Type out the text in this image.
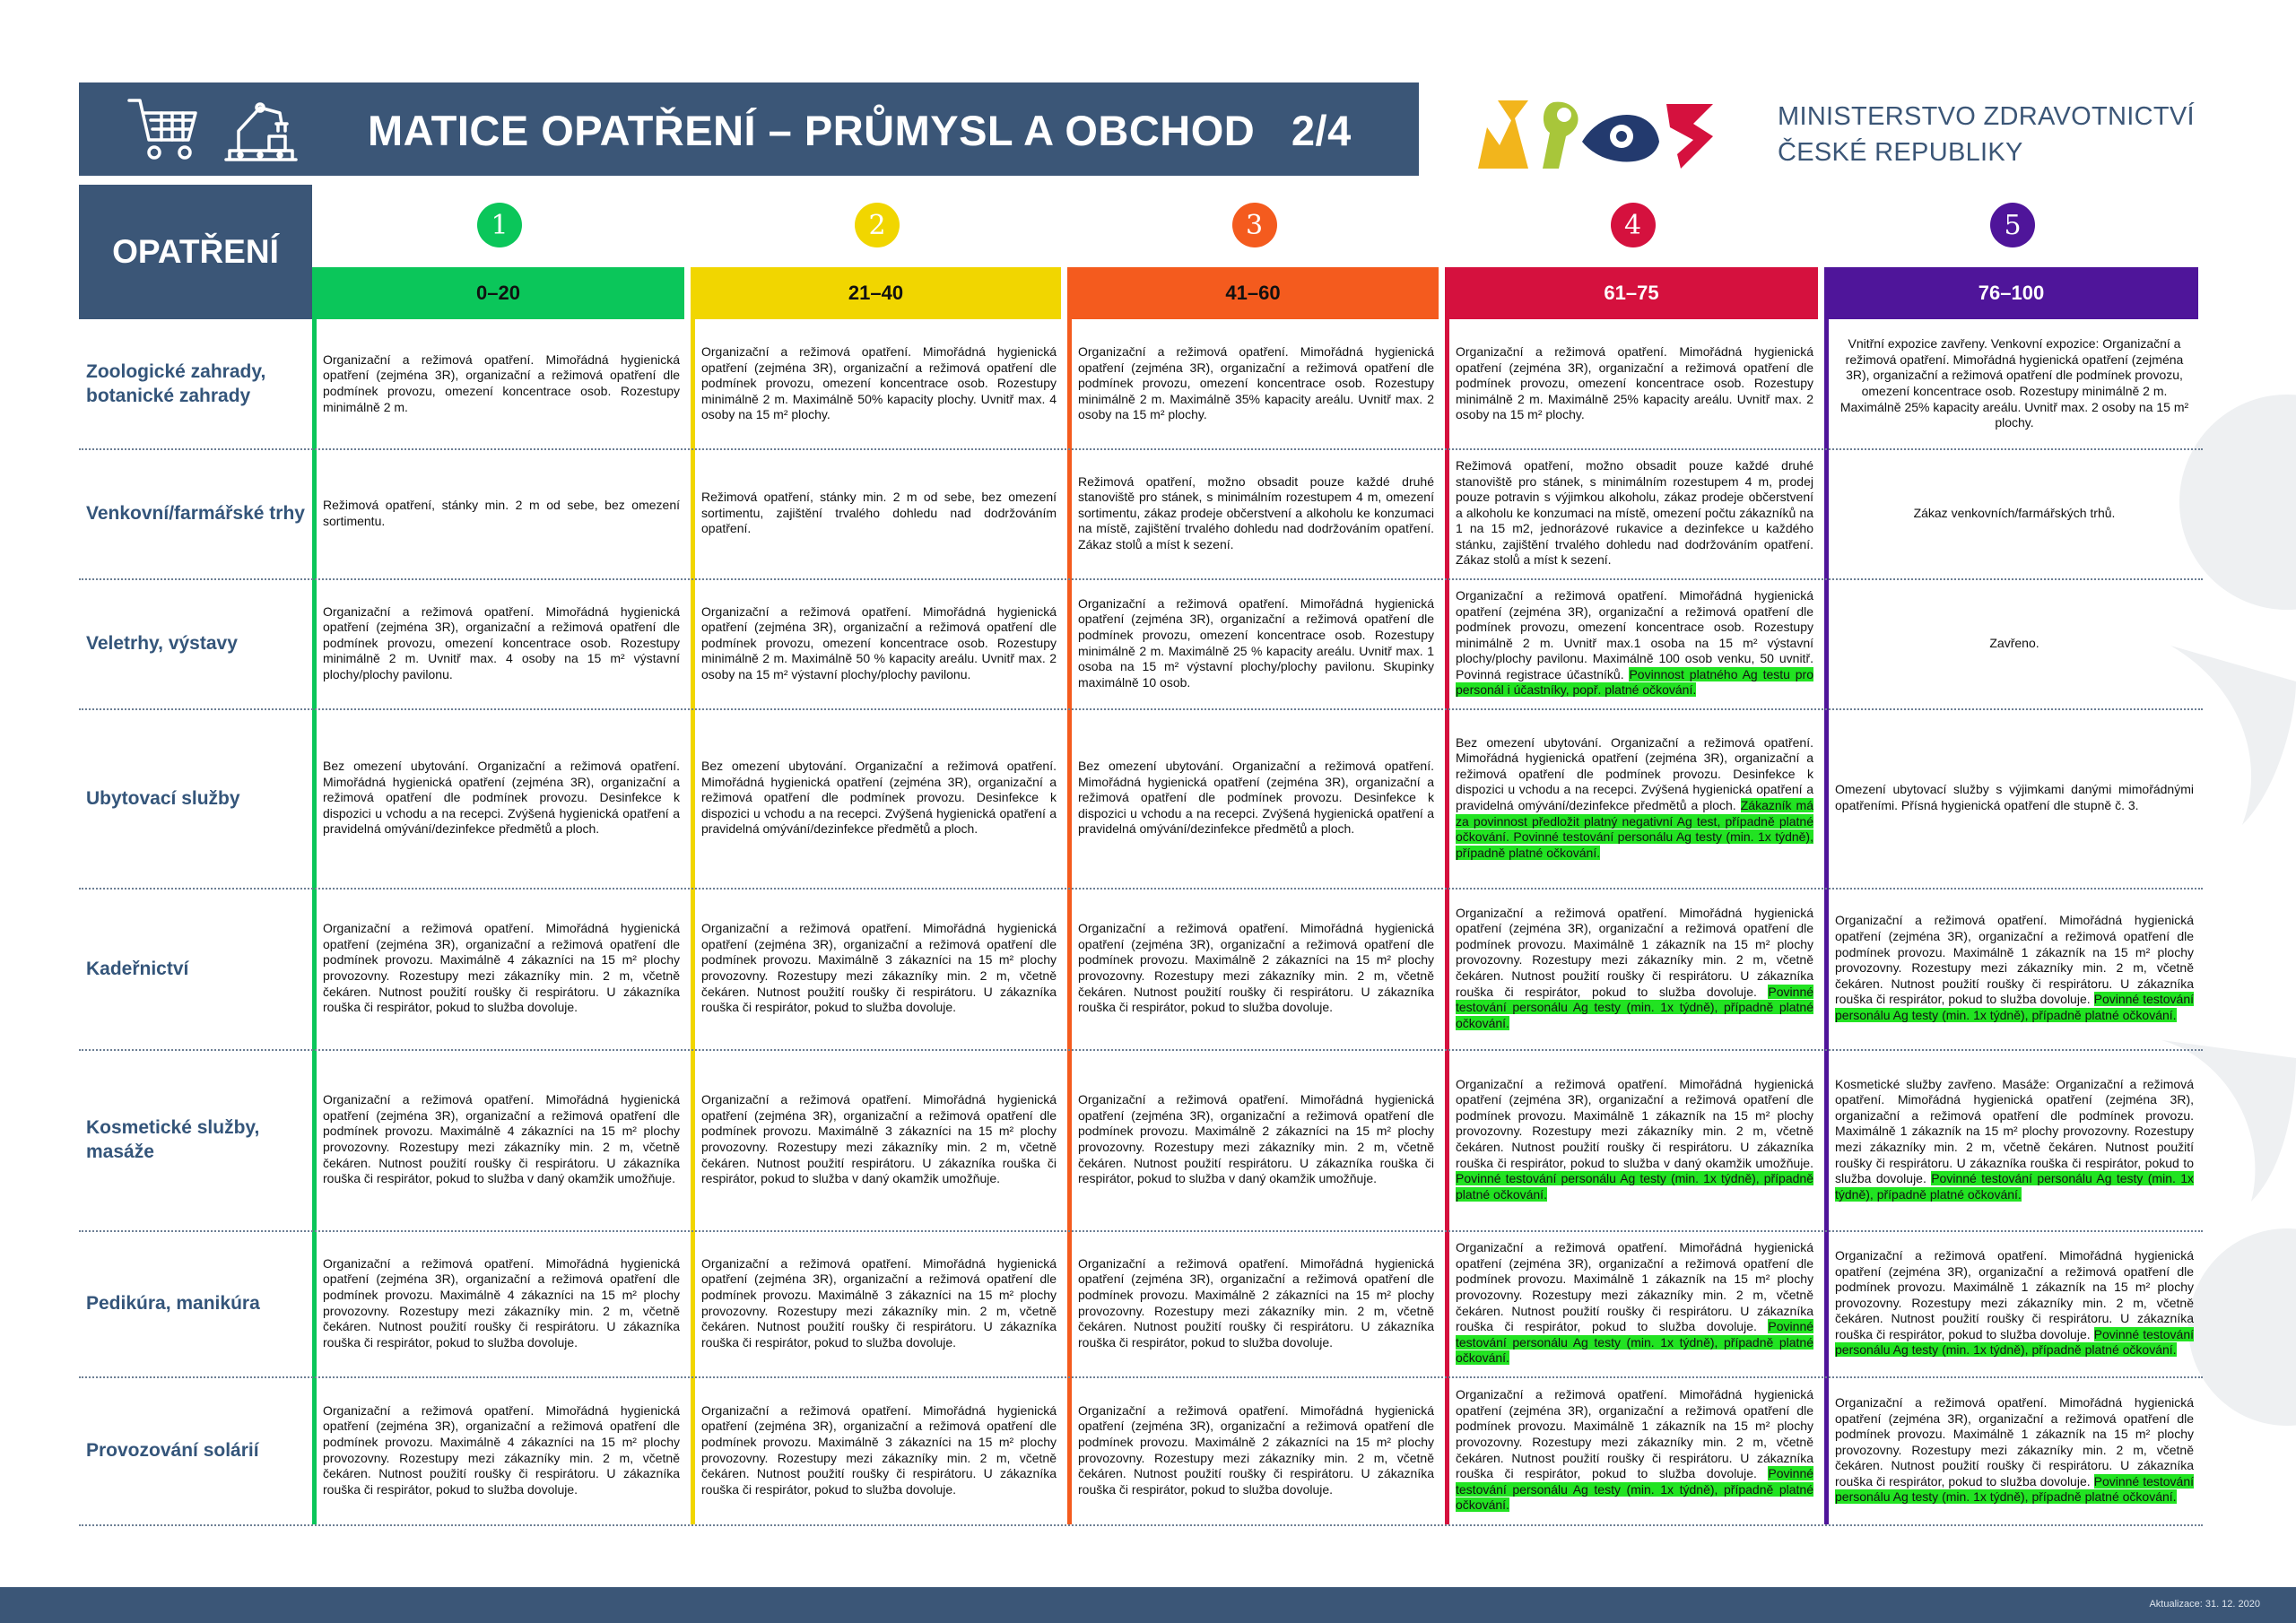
MATICE OPATŘENÍ – PRŮMYSL A OBCHOD   2/4	MINISTERSTVO ZDRAVOTNICTVÍ
ČESKÉ REPUBLIKY
OPATŘENÍ
1
0–20
2
21–40
3
41–60
4
61–75
5
76–100
Zoologické zahrady, botanické zahrady
Organizační a režimová opatření. Mimořádná hygienická opatření (zejména 3R), organizační a režimová opatření dle podmínek provozu, omezení koncentrace osob. Rozestupy minimálně 2 m.
Organizační a režimová opatření. Mimořádná hygienická opatření (zejména 3R), organizační a režimová opatření dle podmínek provozu, omezení koncentrace osob. Rozestupy minimálně 2 m. Maximálně 50% kapacity plochy. Uvnitř max. 4 osoby na 15 m² plochy.
Organizační a režimová opatření. Mimořádná hygienická opatření (zejména 3R), organizační a režimová opatření dle podmínek provozu, omezení koncentrace osob. Rozestupy minimálně 2 m. Maximálně 35% kapacity areálu. Uvnitř max. 2 osoby na 15 m² plochy.
Organizační a režimová opatření. Mimořádná hygienická opatření (zejména 3R), organizační a režimová opatření dle podmínek provozu, omezení koncentrace osob. Rozestupy minimálně 2 m. Maximálně 25% kapacity areálu. Uvnitř max. 2 osoby na 15 m² plochy.
Vnitřní expozice zavřeny. Venkovní expozice: Organizační a režimová opatření. Mimořádná hygienická opatření (zejména 3R), organizační a režimová opatření dle podmínek provozu, omezení koncentrace osob. Rozestupy minimálně 2 m. Maximálně 25% kapacity areálu. Uvnitř max. 2 osoby na 15 m² plochy.
Venkovní/farmářské trhy	Režimová opatření, stánky min. 2 m od sebe, bez omezení sortimentu.
Režimová opatření, stánky min. 2 m od sebe, bez omezení sortimentu, zajištění trvalého dohledu nad dodržováním opatření.
Režimová opatření, možno obsadit pouze každé druhé stanoviště pro stánek, s minimálním rozestupem 4 m, omezení sortimentu, zákaz prodeje občerstvení a alkoholu ke konzumaci na místě, zajištění trvalého dohledu nad dodržováním opatření. Zákaz stolů a míst k sezení.
Režimová opatření, možno obsadit pouze každé druhé stanoviště pro stánek, s minimálním rozestupem 4 m, prodej pouze potravin s výjimkou alkoholu, zákaz prodeje občerstvení a alkoholu ke konzumaci na místě, omezení počtu zákazníků na 1 na 15 m2, jednorázové rukavice a dezinfekce u každého stánku, zajištění trvalého dohledu nad dodržováním opatření. Zákaz stolů a míst k sezení.
Zákaz venkovních/farmářských trhů.
Veletrhy, výstavy
Organizační a režimová opatření. Mimořádná hygienická opatření (zejména 3R), organizační a režimová opatření dle podmínek provozu, omezení koncentrace osob. Rozestupy minimálně 2 m. Uvnitř max. 4 osoby na 15 m² výstavní plochy/plochy pavilonu.
Organizační a režimová opatření. Mimořádná hygienická opatření (zejména 3R), organizační a režimová opatření dle podmínek provozu, omezení koncentrace osob. Rozestupy minimálně 2 m. Maximálně 50 % kapacity areálu. Uvnitř max. 2 osoby na 15 m² výstavní plochy/plochy pavilonu.
Organizační a režimová opatření. Mimořádná hygienická opatření (zejména 3R), organizační a režimová opatření dle podmínek provozu, omezení koncentrace osob. Rozestupy minimálně 2 m. Maximálně 25 % kapacity areálu. Uvnitř max. 1 osoba na 15 m² výstavní plochy/plochy pavilonu. Skupinky maximálně 10 osob.
Organizační a režimová opatření. Mimořádná hygienická opatření (zejména 3R), organizační a režimová opatření dle podmínek provozu, omezení koncentrace osob. Rozestupy minimálně 2 m. Uvnitř max.1 osoba na 15 m² výstavní plochy/plochy pavilonu. Maximálně 100 osob venku, 50 uvnitř. Povinná registrace účastníků. Povinnost platného Ag testu pro personál i účastníky, popř. platné očkování.
Zavřeno.
Ubytovací služby
Bez omezení ubytování. Organizační a režimová opatření. Mimořádná hygienická opatření (zejména 3R), organizační a režimová opatření dle podmínek provozu. Desinfekce k dispozici u vchodu a na recepci. Zvýšená hygienická opatření a pravidelná omývání/dezinfekce předmětů a ploch.
Bez omezení ubytování. Organizační a režimová opatření. Mimořádná hygienická opatření (zejména 3R), organizační a režimová opatření dle podmínek provozu. Desinfekce k dispozici u vchodu a na recepci. Zvýšená hygienická opatření a pravidelná omývání/dezinfekce předmětů a ploch.
Bez omezení ubytování. Organizační a režimová opatření. Mimořádná hygienická opatření (zejména 3R), organizační a režimová opatření dle podmínek provozu. Desinfekce k dispozici u vchodu a na recepci. Zvýšená hygienická opatření a pravidelná omývání/dezinfekce předmětů a ploch.
Bez omezení ubytování. Organizační a režimová opatření. Mimořádná hygienická opatření (zejména 3R), organizační a režimová opatření dle podmínek provozu. Desinfekce k dispozici u vchodu a na recepci. Zvýšená hygienická opatření a pravidelná omývání/dezinfekce předmětů a ploch. Zákazník má za povinnost předložit platný negativní Ag test, případně platné očkování. Povinné testování personálu Ag testy (min. 1x týdně), případně platné očkování.
Omezení ubytovací služby s výjimkami danými mimořádnými opatřeními. Přísná hygienická opatření dle stupně č. 3.
Kadeřnictví
Organizační a režimová opatření. Mimořádná hygienická opatření (zejména 3R), organizační a režimová opatření dle podmínek provozu. Maximálně 4 zákazníci na 15 m² plochy provozovny. Rozestupy mezi zákazníky min. 2 m, včetně čekáren. Nutnost použití roušky či respirátoru. U zákazníka rouška či respirátor, pokud to služba dovoluje.
Organizační a režimová opatření. Mimořádná hygienická opatření (zejména 3R), organizační a režimová opatření dle podmínek provozu. Maximálně 3 zákazníci na 15 m² plochy provozovny. Rozestupy mezi zákazníky min. 2 m, včetně čekáren. Nutnost použití roušky či respirátoru. U zákazníka rouška či respirátor, pokud to služba dovoluje.
Organizační a režimová opatření. Mimořádná hygienická opatření (zejména 3R), organizační a režimová opatření dle podmínek provozu. Maximálně 2 zákazníci na 15 m² plochy provozovny. Rozestupy mezi zákazníky min. 2 m, včetně čekáren. Nutnost použití roušky či respirátoru. U zákazníka rouška či respirátor, pokud to služba dovoluje.
Organizační a režimová opatření. Mimořádná hygienická opatření (zejména 3R), organizační a režimová opatření dle podmínek provozu. Maximálně 1 zákazník na 15 m² plochy provozovny. Rozestupy mezi zákazníky min. 2 m, včetně čekáren. Nutnost použití roušky či respirátoru. U zákazníka rouška či respirátor, pokud to služba dovoluje. Povinné testování personálu Ag testy (min. 1x týdně), případně platné očkování.
Organizační a režimová opatření. Mimořádná hygienická opatření (zejména 3R), organizační a režimová opatření dle podmínek provozu. Maximálně 1 zákazník na 15 m² plochy provozovny. Rozestupy mezi zákazníky min. 2 m, včetně čekáren. Nutnost použití roušky či respirátoru. U zákazníka rouška či respirátor, pokud to služba dovoluje. Povinné testování personálu Ag testy (min. 1x týdně), případně platné očkování.
Kosmetické služby, masáže
Organizační a režimová opatření. Mimořádná hygienická opatření (zejména 3R), organizační a režimová opatření dle podmínek provozu. Maximálně 4 zákazníci na 15 m² plochy provozovny. Rozestupy mezi zákazníky min. 2 m, včetně čekáren. Nutnost použití roušky či respirátoru. U zákazníka rouška či respirátor, pokud to služba v daný okamžik umožňuje.
Organizační a režimová opatření. Mimořádná hygienická opatření (zejména 3R), organizační a režimová opatření dle podmínek provozu. Maximálně 3 zákazníci na 15 m² plochy provozovny. Rozestupy mezi zákazníky min. 2 m, včetně čekáren. Nutnost použití respirátoru. U zákazníka rouška či respirátor, pokud to služba v daný okamžik umožňuje.
Organizační a režimová opatření. Mimořádná hygienická opatření (zejména 3R), organizační a režimová opatření dle podmínek provozu. Maximálně 2 zákazníci na 15 m² plochy provozovny. Rozestupy mezi zákazníky min. 2 m, včetně čekáren. Nutnost použití respirátoru. U zákazníka rouška či respirátor, pokud to služba v daný okamžik umožňuje.
Organizační a režimová opatření. Mimořádná hygienická opatření (zejména 3R), organizační a režimová opatření dle podmínek provozu. Maximálně 1 zákazník na 15 m² plochy provozovny. Rozestupy mezi zákazníky min. 2 m, včetně čekáren. Nutnost použití roušky či respirátoru. U zákazníka rouška či respirátor, pokud to služba v daný okamžik umožňuje. Povinné testování personálu Ag testy (min. 1x týdně), případně platné očkování.
Kosmetické služby zavřeno. Masáže: Organizační a režimová opatření. Mimořádná hygienická opatření (zejména 3R), organizační a režimová opatření dle podmínek provozu. Maximálně 1 zákazník na 15 m² plochy provozovny. Rozestupy mezi zákazníky min. 2 m, včetně čekáren. Nutnost použití roušky či respirátoru. U zákazníka rouška či respirátor, pokud to služba dovoluje. Povinné testování personálu Ag testy (min. 1x týdně), případně platné očkování.
Pedikúra, manikúra
Organizační a režimová opatření. Mimořádná hygienická opatření (zejména 3R), organizační a režimová opatření dle podmínek provozu. Maximálně 4 zákazníci na 15 m² plochy provozovny. Rozestupy mezi zákazníky min. 2 m, včetně čekáren. Nutnost použití roušky či respirátoru. U zákazníka rouška či respirátor, pokud to služba dovoluje.
Organizační a režimová opatření. Mimořádná hygienická opatření (zejména 3R), organizační a režimová opatření dle podmínek provozu. Maximálně 3 zákazníci na 15 m² plochy provozovny. Rozestupy mezi zákazníky min. 2 m, včetně čekáren. Nutnost použití roušky či respirátoru. U zákazníka rouška či respirátor, pokud to služba dovoluje.
Organizační a režimová opatření. Mimořádná hygienická opatření (zejména 3R), organizační a režimová opatření dle podmínek provozu. Maximálně 2 zákazníci na 15 m² plochy provozovny. Rozestupy mezi zákazníky min. 2 m, včetně čekáren. Nutnost použití roušky či respirátoru. U zákazníka rouška či respirátor, pokud to služba dovoluje.
Organizační a režimová opatření. Mimořádná hygienická opatření (zejména 3R), organizační a režimová opatření dle podmínek provozu. Maximálně 1 zákazník na 15 m² plochy provozovny. Rozestupy mezi zákazníky min. 2 m, včetně čekáren. Nutnost použití roušky či respirátoru. U zákazníka rouška či respirátor, pokud to služba dovoluje. Povinné testování personálu Ag testy (min. 1x týdně), případně platné očkování.
Organizační a režimová opatření. Mimořádná hygienická opatření (zejména 3R), organizační a režimová opatření dle podmínek provozu. Maximálně 1 zákazník na 15 m² plochy provozovny. Rozestupy mezi zákazníky min. 2 m, včetně čekáren. Nutnost použití roušky či respirátoru. U zákazníka rouška či respirátor, pokud to služba dovoluje. Povinné testování personálu Ag testy (min. 1x týdně), případně platné očkování.
Provozování solárií
Organizační a režimová opatření. Mimořádná hygienická opatření (zejména 3R), organizační a režimová opatření dle podmínek provozu. Maximálně 4 zákazníci na 15 m² plochy provozovny. Rozestupy mezi zákazníky min. 2 m, včetně čekáren. Nutnost použití roušky či respirátoru. U zákazníka rouška či respirátor, pokud to služba dovoluje.
Organizační a režimová opatření. Mimořádná hygienická opatření (zejména 3R), organizační a režimová opatření dle podmínek provozu. Maximálně 3 zákazníci na 15 m² plochy provozovny. Rozestupy mezi zákazníky min. 2 m, včetně čekáren. Nutnost použití roušky či respirátoru. U zákazníka rouška či respirátor, pokud to služba dovoluje.
Organizační a režimová opatření. Mimořádná hygienická opatření (zejména 3R), organizační a režimová opatření dle podmínek provozu. Maximálně 2 zákazníci na 15 m² plochy provozovny. Rozestupy mezi zákazníky min. 2 m, včetně čekáren. Nutnost použití roušky či respirátoru. U zákazníka rouška či respirátor, pokud to služba dovoluje.
Organizační a režimová opatření. Mimořádná hygienická opatření (zejména 3R), organizační a režimová opatření dle podmínek provozu. Maximálně 1 zákazník na 15 m² plochy provozovny. Rozestupy mezi zákazníky min. 2 m, včetně čekáren. Nutnost použití roušky či respirátoru. U zákazníka rouška či respirátor, pokud to služba dovoluje. Povinné testování personálu Ag testy (min. 1x týdně), případně platné očkování.
Organizační a režimová opatření. Mimořádná hygienická opatření (zejména 3R), organizační a režimová opatření dle podmínek provozu. Maximálně 1 zákazník na 15 m² plochy provozovny. Rozestupy mezi zákazníky min. 2 m, včetně čekáren. Nutnost použití roušky či respirátoru. U zákazníka rouška či respirátor, pokud to služba dovoluje. Povinné testování personálu Ag testy (min. 1x týdně), případně platné očkování.
Aktualizace: 31. 12. 2020
